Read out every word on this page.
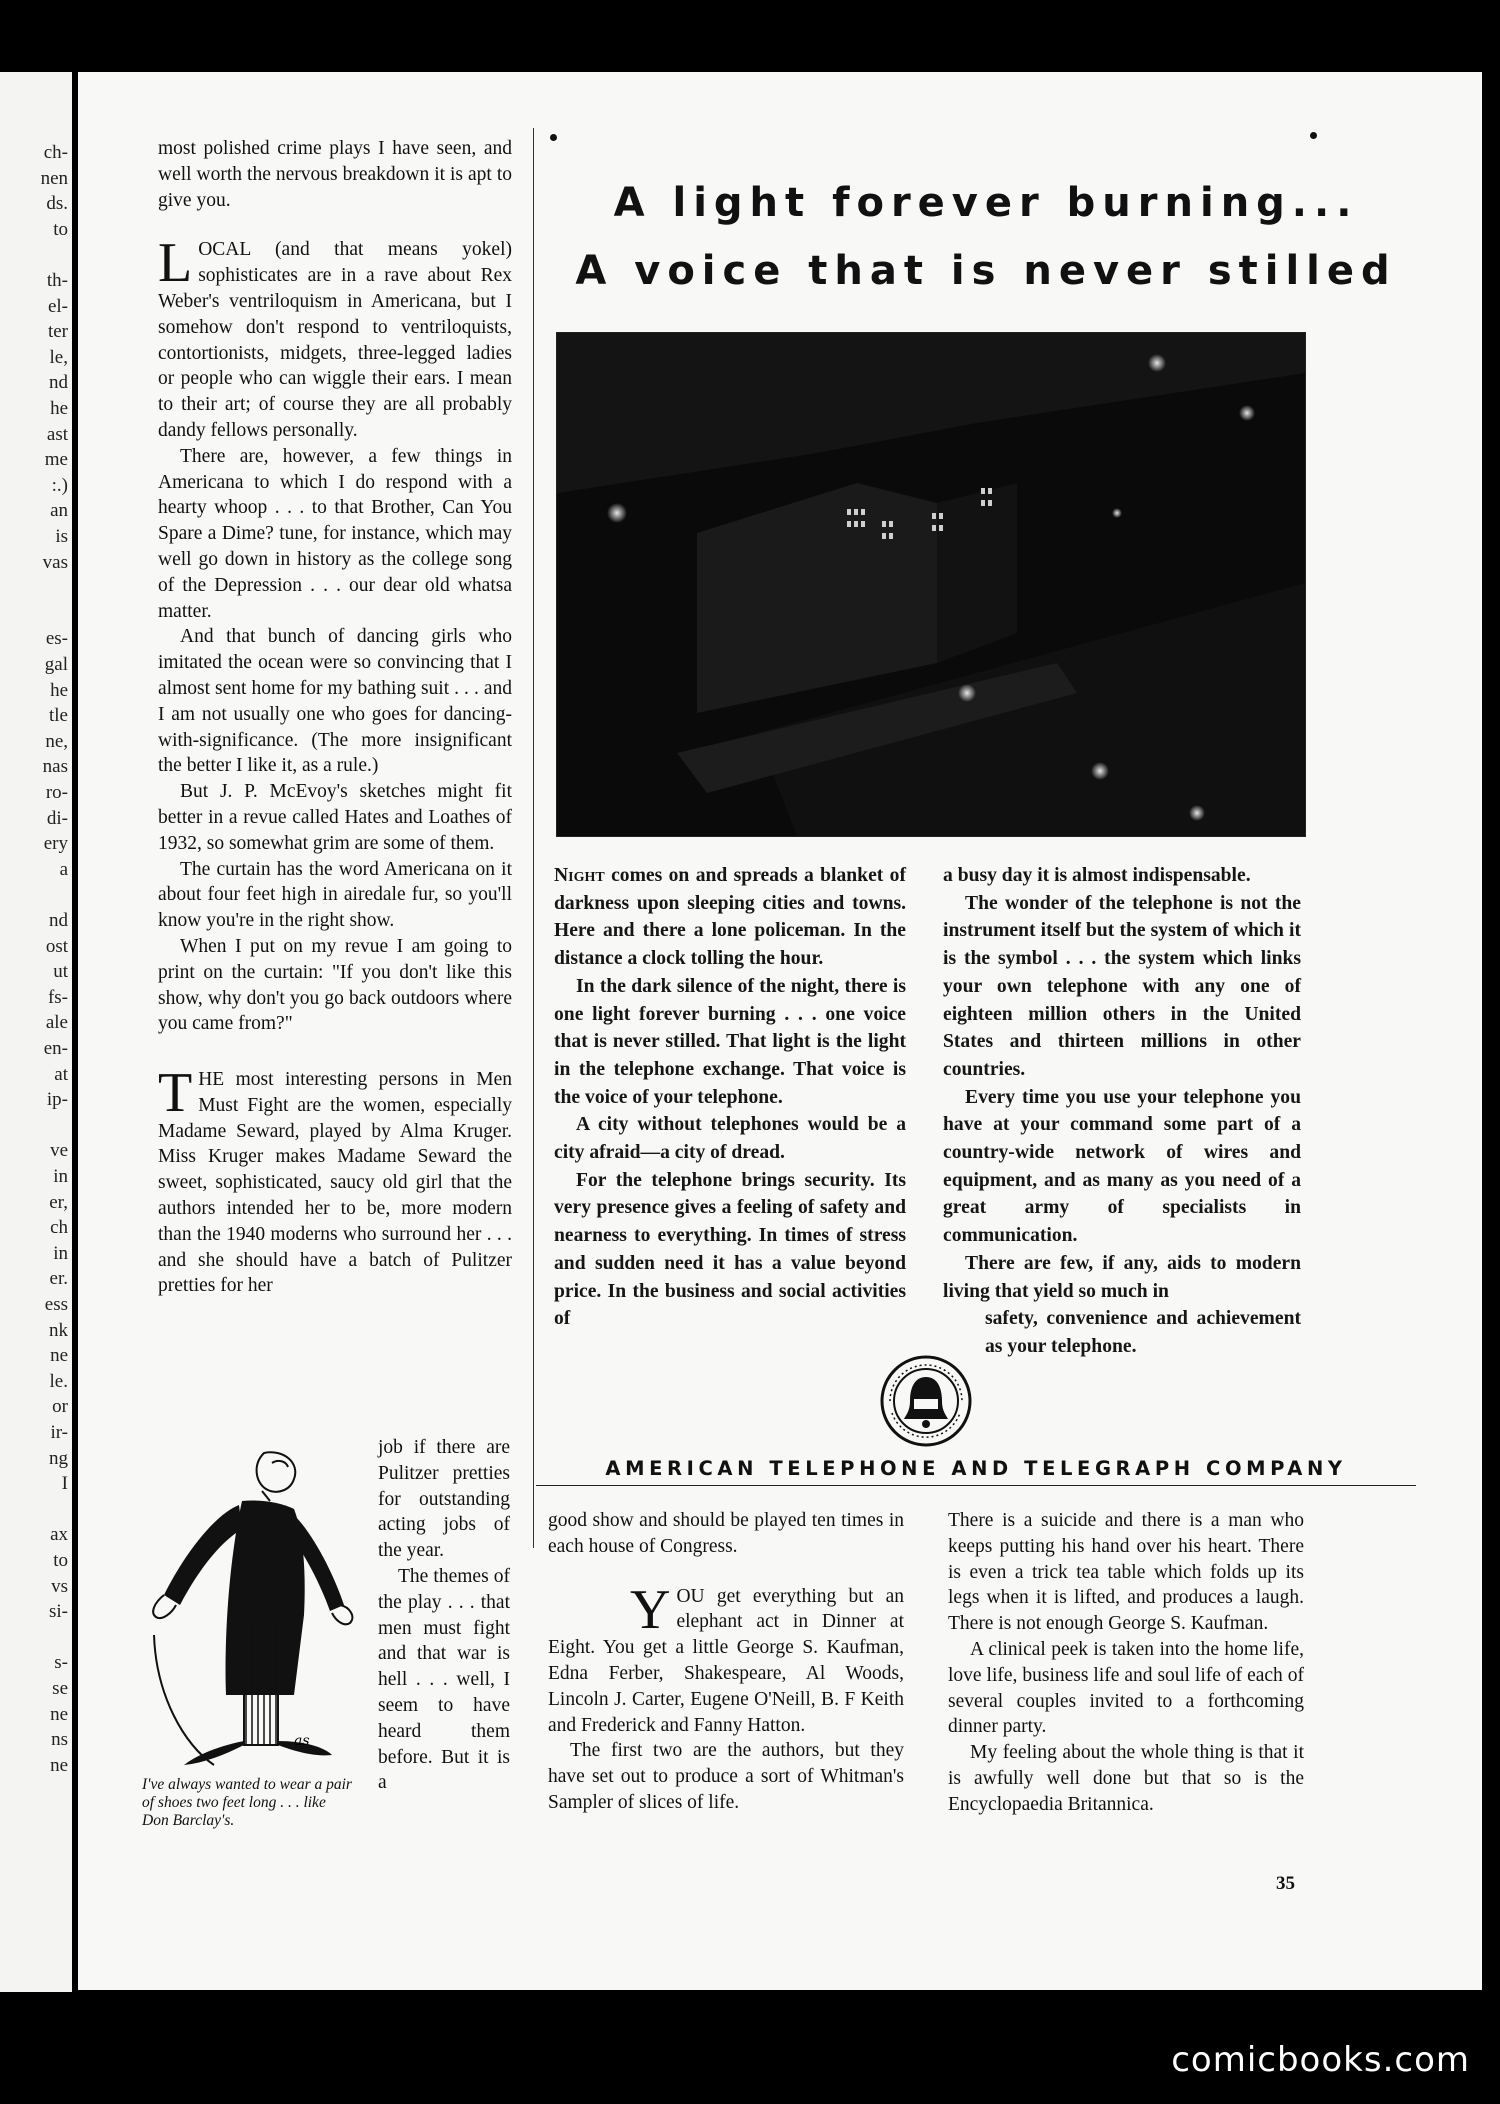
ch-
nen
ds.
to
th-
el-
ter
le,
nd
he
ast
me
:.)
an
is
vas
es-
gal
he
tle
ne,
nas
ro-
di-
ery
a
nd
ost
ut
fs-
ale
en-
at
ip-
ve
in
er,
ch
in
er.
ess
nk
ne
le.
or
ir-
ng
I
ax
to
vs
si-
s-
se
ne
ns
ne

most polished crime plays I have seen, and well worth the nervous breakdown it is apt to give you.

LOCAL (and that means yokel) sophisticates are in a rave about Rex Weber's ventriloquism in Americana, but I somehow don't respond to ventriloquists, contortionists, midgets, three-legged ladies or people who can wiggle their ears. I mean to their art; of course they are all probably dandy fellows personally.

There are, however, a few things in Americana to which I do respond with a hearty whoop . . . to that Brother, Can You Spare a Dime? tune, for instance, which may well go down in history as the college song of the Depression . . . our dear old whatsa matter.

And that bunch of dancing girls who imitated the ocean were so convincing that I almost sent home for my bathing suit . . . and I am not usually one who goes for dancing-with-significance. (The more insignificant the better I like it, as a rule.)

But J. P. McEvoy's sketches might fit better in a revue called Hates and Loathes of 1932, so somewhat grim are some of them.

The curtain has the word Americana on it about four feet high in airedale fur, so you'll know you're in the right show.

When I put on my revue I am going to print on the curtain: "If you don't like this show, why don't you go back outdoors where you came from?"

THE most interesting persons in Men Must Fight are the women, especially Madame Seward, played by Alma Kruger. Miss Kruger makes Madame Seward the sweet, sophisticated, saucy old girl that the authors intended her to be, more modern than the 1940 moderns who surround her . . . and she should have a batch of Pulitzer pretties for her

as
I've always wanted to wear a pair of shoes two feet long . . . like Don Barclay's.

job if there are Pulitzer pretties for outstanding acting jobs of the year.

The themes of the play . . . that men must fight and that war is hell . . . well, I seem to have heard them before. But it is a

A light forever burning...
A voice that is never stilled

Night comes on and spreads a blanket of darkness upon sleeping cities and towns. Here and there a lone policeman. In the distance a clock tolling the hour.

In the dark silence of the night, there is one light forever burning . . . one voice that is never stilled. That light is the light in the telephone exchange. That voice is the voice of your telephone.

A city without telephones would be a city afraid—a city of dread.

For the telephone brings security. Its very presence gives a feeling of safety and nearness to everything. In times of stress and sudden need it has a value beyond price. In the business and social activities of

a busy day it is almost indispensable.

The wonder of the telephone is not the instrument itself but the system of which it is the symbol . . . the system which links your own telephone with any one of eighteen million others in the United States and thirteen millions in other countries.

Every time you use your telephone you have at your command some part of a country-wide network of wires and equipment, and as many as you need of a great army of specialists in communication.

There are few, if any, aids to modern living that yield so much in

safety, convenience and achievement as your telephone.

AMERICAN TELEPHONE AND TELEGRAPH COMPANY

good show and should be played ten times in each house of Congress.

YOU get everything but an elephant act in Dinner at Eight. You get a little George S. Kaufman, Edna Ferber, Shakespeare, Al Woods, Lincoln J. Carter, Eugene O'Neill, B. F Keith and Frederick and Fanny Hatton.

The first two are the authors, but they have set out to produce a sort of Whitman's Sampler of slices of life.

There is a suicide and there is a man who keeps putting his hand over his heart. There is even a trick tea table which folds up its legs when it is lifted, and produces a laugh. There is not enough George S. Kaufman.

A clinical peek is taken into the home life, love life, business life and soul life of each of several couples invited to a forthcoming dinner party.

My feeling about the whole thing is that it is awfully well done but that so is the Encyclopaedia Britannica.

35
comicbooks.com
